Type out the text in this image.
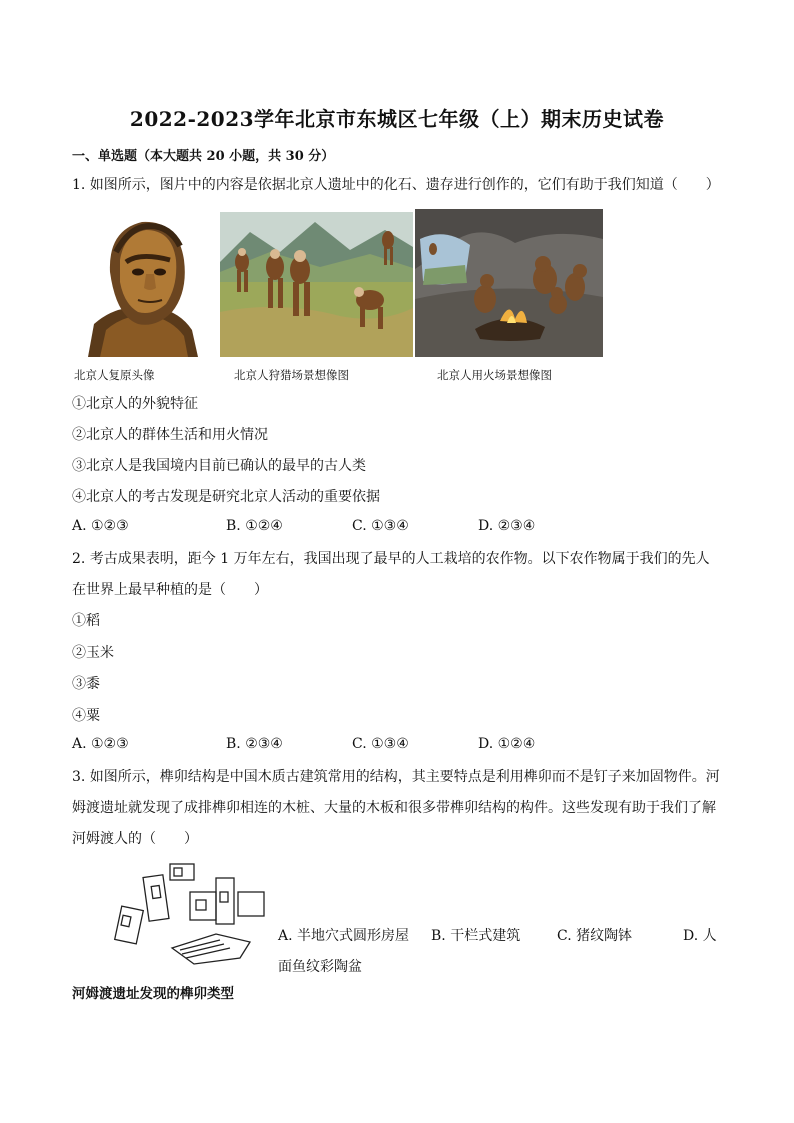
2022-2023学年北京市东城区七年级（上）期末历史试卷
一、单选题（本大题共 20 小题，共 30 分）
1. 如图所示，图片中的内容是依据北京人遗址中的化石、遗存进行创作的，它们有助于我们知道（　　）
北京人复原头像	北京人狩猎场景想像图	北京人用火场景想像图
①北京人的外貌特征
②北京人的群体生活和用火情况
③北京人是我国境内目前已确认的最早的古人类
④北京人的考古发现是研究北京人活动的重要依据
A. ①②③	B. ①②④	C. ①③④	D. ②③④
2. 考古成果表明，距今 1 万年左右，我国出现了最早的人工栽培的农作物。以下农作物属于我们的先人在世界上最早种植的是（　　）
①稻
②玉米
③黍
④粟
A. ①②③	B. ②③④	C. ①③④	D. ①②④
3. 如图所示，榫卯结构是中国木质古建筑常用的结构，其主要特点是利用榫卯而不是钉子来加固物件。河姆渡遗址就发现了成排榫卯相连的木桩、大量的木板和很多带榫卯结构的构件。这些发现有助于我们了解河姆渡人的（　　）
河姆渡遗址发现的榫卯类型
A. 半地穴式圆形房屋 B. 干栏式建筑	C. 猪纹陶钵	D. 人
面鱼纹彩陶盆
